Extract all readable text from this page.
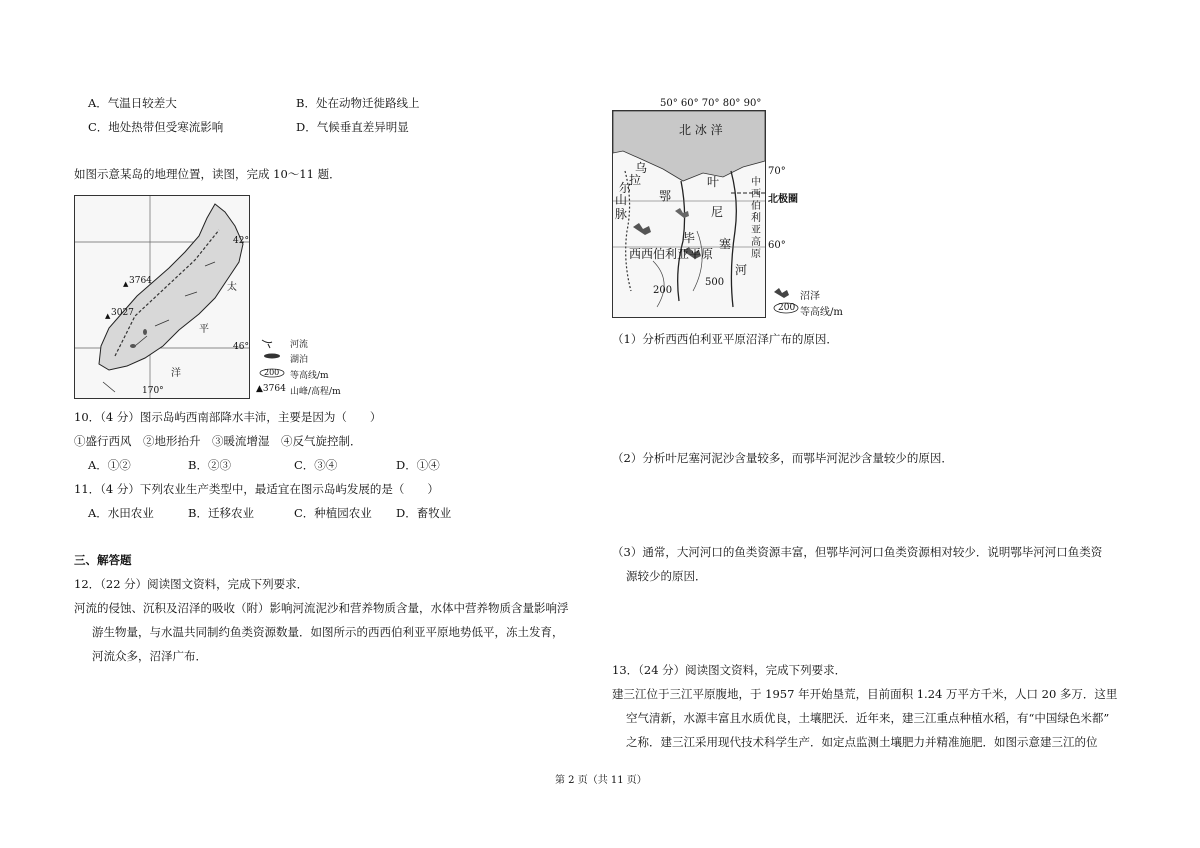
A．气温日较差大	B．处在动物迁徙路线上
C．地处热带但受寒流影响	D．气候垂直差异明显
如图示意某岛的地理位置，读图，完成 10～11 题．
42°
46°
170°
3764
3027
▲
▲
太
平
洋
河流
湖泊
200 等高线/m
▲3764 山峰/高程/m
10．（4 分）图示岛屿西南部降水丰沛，主要是因为（　　）
①盛行西风　②地形抬升　③暖流增湿　④反气旋控制．
A．①②	B．②③	C．③④	D．①④
11．（4 分）下列农业生产类型中，最适宜在图示岛屿发展的是（　　）
A．水田农业	B．迁移农业	C．种植园农业 D．畜牧业
三、解答题
12．（22 分）阅读图文资料，完成下列要求．
河流的侵蚀、沉积及沼泽的吸收（附）影响河流泥沙和营养物质含量，水体中营养物质含量影响浮
游生物量，与水温共同制约鱼类资源数量．如图所示的西西伯利亚平原地势低平，冻土发育，
河流众多，沼泽广布．
50° 60° 70° 80° 90°
北 冰 洋
乌
拉
尔
山
脉
鄂
毕
叶
尼
塞
河
中
西
伯
利
亚
高
原
西西伯利亚平原
200
500
70°
北极圈
60°
沼泽
200 等高线/m
（1）分析西西伯利亚平原沼泽广布的原因．
（2）分析叶尼塞河泥沙含量较多，而鄂毕河泥沙含量较少的原因．
（3）通常，大河河口的鱼类资源丰富，但鄂毕河河口鱼类资源相对较少．说明鄂毕河河口鱼类资
源较少的原因．
13．（24 分）阅读图文资料，完成下列要求．
建三江位于三江平原腹地，于 1957 年开始垦荒，目前面积 1.24 万平方千米，人口 20 多万．这里
空气清新，水源丰富且水质优良，土壤肥沃．近年来，建三江重点种植水稻，有“中国绿色米都”
之称．建三江采用现代技术科学生产．如定点监测土壤肥力并精准施肥．如图示意建三江的位
第 2 页（共 11 页）
